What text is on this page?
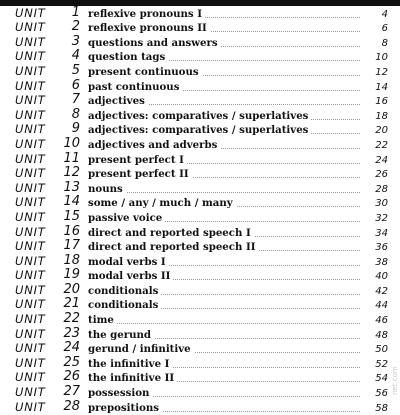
UNIT 1 reflexive pronouns I	4
UNIT 2 reflexive pronouns II	6
UNIT 3 questions and answers	8
UNIT 4 question tags	10
UNIT 5 present continuous	12
UNIT 6 past continuous	14
UNIT 7 adjectives	16
UNIT 8 adjectives: comparatives / superlatives	18
UNIT 9 adjectives: comparatives / superlatives	20
UNIT 10 adjectives and adverbs	22
UNIT 11 present perfect I	24
UNIT 12 present perfect II	26
UNIT 13 nouns	28
UNIT 14 some / any / much / many	30
UNIT 15 passive voice	32
UNIT 16 direct and reported speech I	34
UNIT 17 direct and reported speech II	36
UNIT 18 modal verbs I	38
UNIT 19 modal verbs II	40
UNIT 20 conditionals	42
UNIT 21 conditionals	44
UNIT 22 time	46
UNIT 23 the gerund	48
UNIT 24 gerund / infinitive	50
UNIT 25 the infinitive I	52
UNIT 26 the infinitive II	54
UNIT 27 possession	56
UNIT 28 prepositions	58
net.com
